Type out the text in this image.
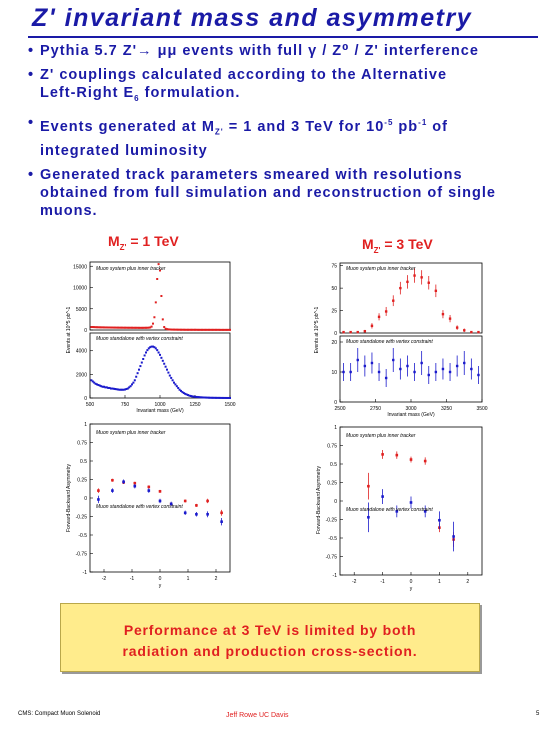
Z' invariant mass and asymmetry
• Pythia 5.7 Z'→ μμ events with full γ / Z⁰ / Z' interference
• Z' couplings calculated according to the Alternative
Left-Right $E_6$ formulation.
• Events generated at $M_{Z'} = 1$ and 3 TeV for $10^{-5}$ $pb^{-1}$ of
integrated luminosity
• Generated track parameters smeared with resolutions
obtained from full simulation and reconstruction of single
muons.
$M_{Z'} = 1$ TeV	$M_{Z'} = 3$ TeV
0
5000
10000
15000
0
2000
4000
500	750	1000	1250	1500
Muon system plus inner tracker
Muon standalone with vertex constraint
Invariant mass (GeV)
Events at 10^5 pb^-1	0
25
50
75
0
10
20
2500	2750	3000	3250	3500
Muon system plus inner tracker
Muon standalone with vertex constraint
Invariant mass (GeV)
Events at 10^5 pb^-1
-1
-0.75
-0.5
-0.25
0
0.25
0.5
0.75
1
-2	-1	0	1	2
Muon system plus inner tracker
Muon standalone with vertex constraint
y
Forward-Backward Asymmetry
-1
-0.75
-0.5
-0.25
0
0.25
0.5
0.75
1
-2	-1	0	1	2
Muon system plus inner tracker
Muon standalone with vertex constraint
y
Forward-Backward Asymmetry
Performance at 3 TeV is limited by both
radiation and production cross-section.
CMS: Compact Muon Solenoid	Jeff Rowe UC Davis	5
